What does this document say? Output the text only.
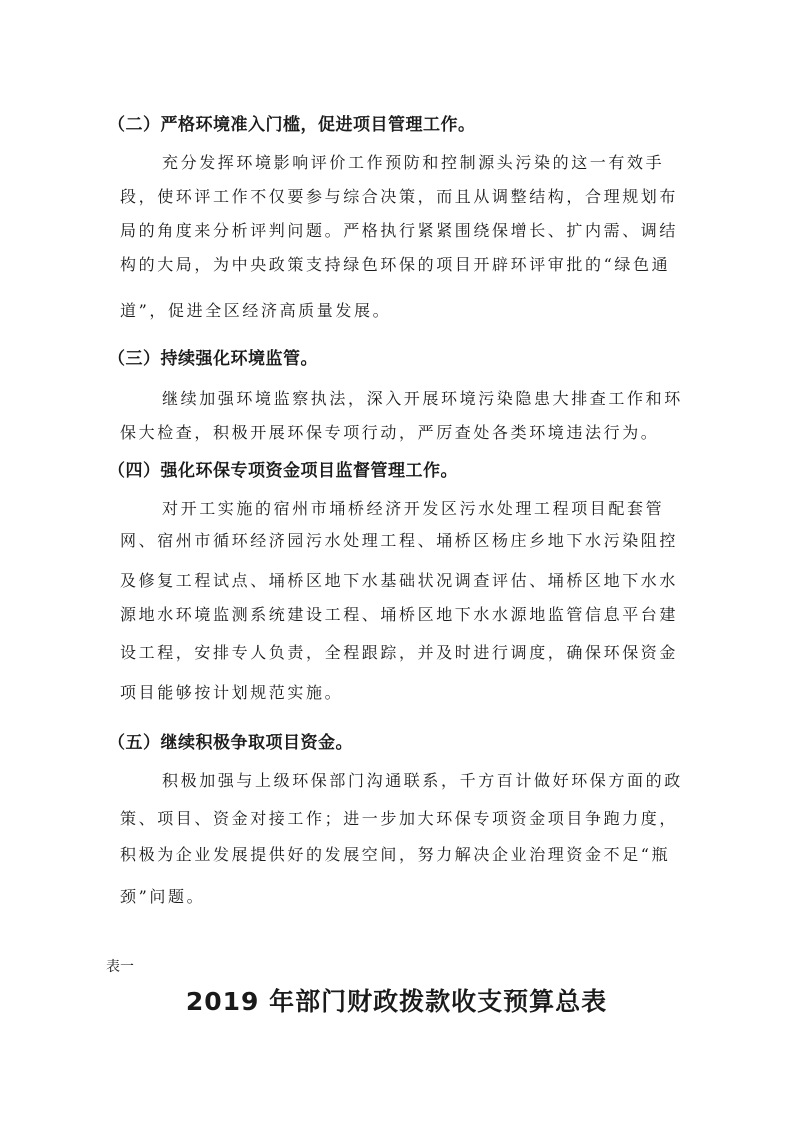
（二）严格环境准入门槛，促进项目管理工作。
充分发挥环境影响评价工作预防和控制源头污染的这一有效手
段，使环评工作不仅要参与综合决策，而且从调整结构，合理规划布
局的角度来分析评判问题。严格执行紧紧围绕保增长、扩内需、调结
构的大局，为中央政策支持绿色环保的项目开辟环评审批的“绿色通
道”，促进全区经济高质量发展。
（三）持续强化环境监管。
继续加强环境监察执法，深入开展环境污染隐患大排查工作和环
保大检查，积极开展环保专项行动，严厉查处各类环境违法行为。
（四）强化环保专项资金项目监督管理工作。
对开工实施的宿州市埇桥经济开发区污水处理工程项目配套管
网、宿州市循环经济园污水处理工程、埇桥区杨庄乡地下水污染阻控
及修复工程试点、埇桥区地下水基础状况调查评估、埇桥区地下水水
源地水环境监测系统建设工程、埇桥区地下水水源地监管信息平台建
设工程，安排专人负责，全程跟踪，并及时进行调度，确保环保资金
项目能够按计划规范实施。
（五）继续积极争取项目资金。
积极加强与上级环保部门沟通联系，千方百计做好环保方面的政
策、项目、资金对接工作；进一步加大环保专项资金项目争跑力度，
积极为企业发展提供好的发展空间，努力解决企业治理资金不足“瓶
颈”问题。
表一
2019 年部门财政拨款收支预算总表
